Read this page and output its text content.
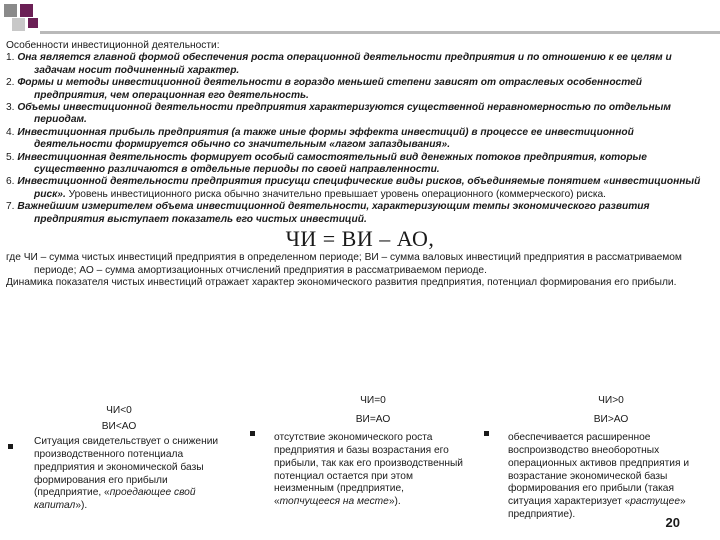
Особенности инвестиционной деятельности:

1. Она является главной формой обеспечения роста операционной деятельности предприятия и по отношению к ее целям и задачам носит подчиненный характер.

2. Формы и методы инвестиционной деятельности в гораздо меньшей степени зависят от отраслевых особенностей предприятия, чем операционная его деятельность.

3. Объемы инвестиционной деятельности предприятия характеризуются существенной неравномерностью по отдельным периодам.

4. Инвестиционная прибыль предприятия (а также иные формы эффекта инвестиций) в процессе ее инвестиционной деятельности формируется обычно со значительным «лагом запаздывания».

5. Инвестиционная деятельность формирует особый самостоятельный вид денежных потоков предприятия, которые существенно различаются в отдельные периоды по своей направленности.

6. Инвестиционной деятельности предприятия присущи специфические виды рисков, объединяемые понятием «инвестиционный риск». Уровень инвестиционного риска обычно значительно превышает уровень операционного (коммерческого) риска.

7. Важнейшим измерителем объема инвестиционной деятельности, характеризующим темпы экономического развития предприятия выступает показатель его чистых инвестиций.

ЧИ = ВИ – АО,

где ЧИ – сумма чистых инвестиций предприятия в определенном периоде; ВИ – сумма валовых инвестиций предприятия в рассматриваемом периоде; АО – сумма амортизационных отчислений предприятия в рассматриваемом периоде.

Динамика показателя чистых инвестиций отражает характер экономического развития предприятия, потенциал формирования его прибыли.

ЧИ<0
ВИ<АО
Ситуация свидетельствует о снижении производственного потенциала предприятия и экономической базы формирования его прибыли (предприятие, «проедающее свой капитал»).
ЧИ=0
ВИ=АО
отсутствие экономического роста предприятия и базы возрастания его прибыли, так как его производственный потенциал остается при этом неизменным (предприятие, «топчущееся на месте»).
ЧИ>0
ВИ>АО
обеспечивается расширенное воспроизводство внеоборотных операционных активов предприятия и возрастание экономической базы формирования его прибыли (такая ситуация характеризует «растущее» предприятие).
20
